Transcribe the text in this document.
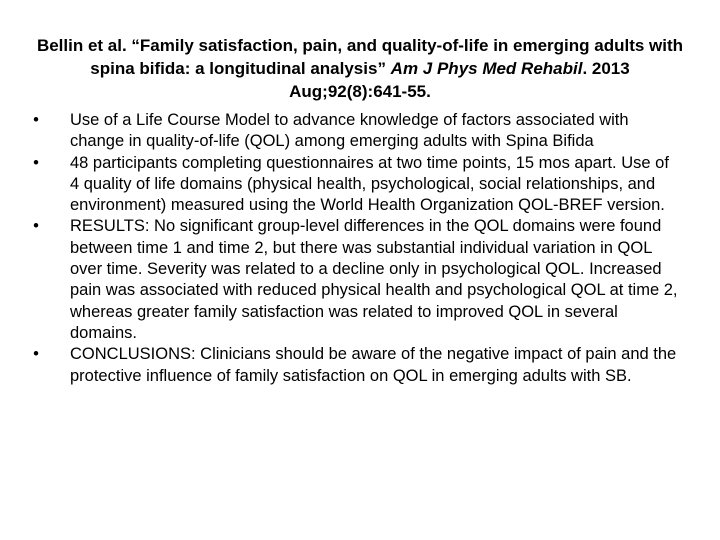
Bellin et al. “Family satisfaction, pain, and quality-of-life in emerging adults with spina bifida: a longitudinal analysis” Am J Phys Med Rehabil. 2013 Aug;92(8):641-55.
• Use of a Life Course Model to advance knowledge of factors associated with change in quality-of-life (QOL) among emerging adults with Spina Bifida
• 48 participants completing questionnaires at two time points, 15 mos apart. Use of 4 quality of life domains (physical health, psychological, social relationships, and environment) measured using the World Health Organization QOL-BREF version.
• RESULTS: No significant group-level differences in the QOL domains were found between time 1 and time 2, but there was substantial individual variation in QOL over time. Severity was related to a decline only in psychological QOL. Increased pain was associated with reduced physical health and psychological QOL at time 2, whereas greater family satisfaction was related to improved QOL in several domains.
• CONCLUSIONS: Clinicians should be aware of the negative impact of pain and the protective influence of family satisfaction on QOL in emerging adults with SB.
